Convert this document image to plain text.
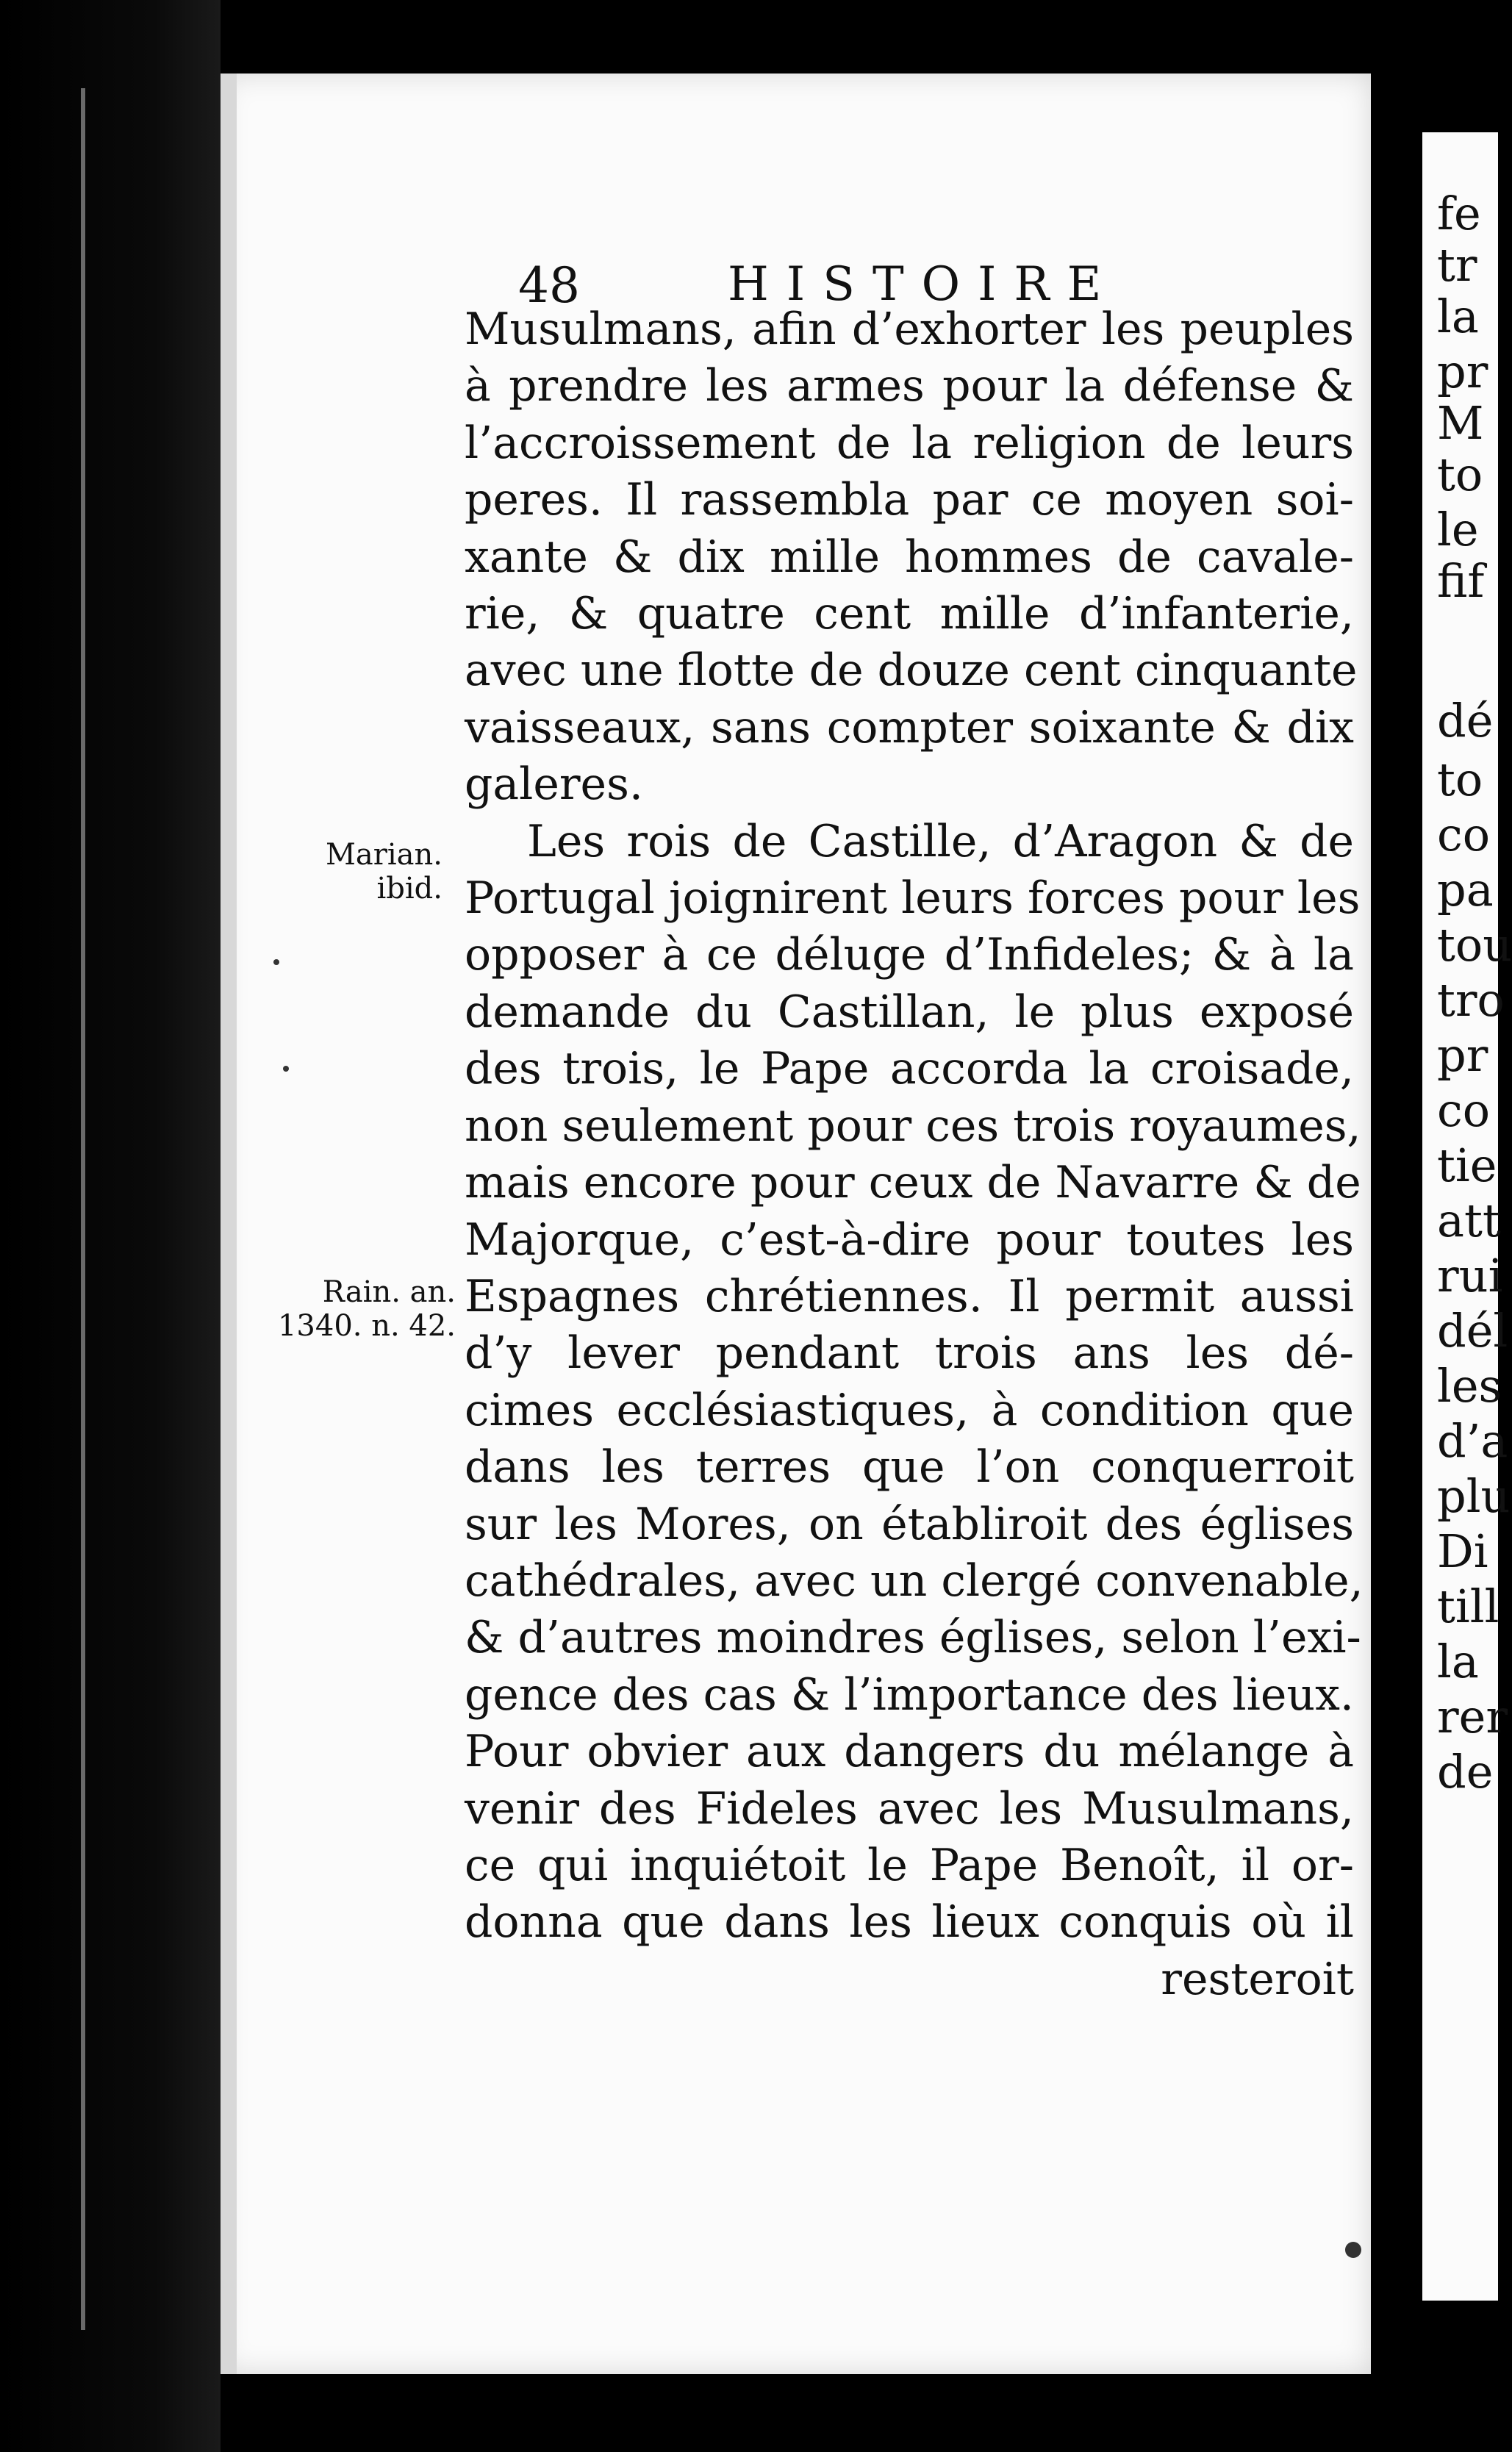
fe
tr
la
pr
M
to
le
fif
dé
to
co
pa
tou
tro
pr
co
tie
att
rui
dél
les
d’a
plu
Di
till
la
rer
de
48	HISTOIRE
Marian.
ibid.
Rain. an.
1340. n. 42.
Musulmans, afin d’exhorter les peuples
à prendre les armes pour la défense &
l’accroissement de la religion de leurs
peres. Il rassembla par ce moyen soi-
xante & dix mille hommes de cavale-
rie, & quatre cent mille d’infanterie,
avec une flotte de douze cent cinquante
vaisseaux, sans compter soixante & dix
galeres.
Les rois de Castille, d’Aragon & de
Portugal joignirent leurs forces pour les
opposer à ce déluge d’Infideles; & à la
demande du Castillan, le plus exposé
des trois, le Pape accorda la croisade,
non seulement pour ces trois royaumes,
mais encore pour ceux de Navarre & de
Majorque, c’est-à-dire pour toutes les
Espagnes chrétiennes. Il permit aussi
d’y lever pendant trois ans les dé-
cimes ecclésiastiques, à condition que
dans les terres que l’on conquerroit
sur les Mores, on établiroit des églises
cathédrales, avec un clergé convenable,
& d’autres moindres églises, selon l’exi-
gence des cas & l’importance des lieux.
Pour obvier aux dangers du mélange à
venir des Fideles avec les Musulmans,
ce qui inquiétoit le Pape Benoît, il or-
donna que dans les lieux conquis où il
resteroit
